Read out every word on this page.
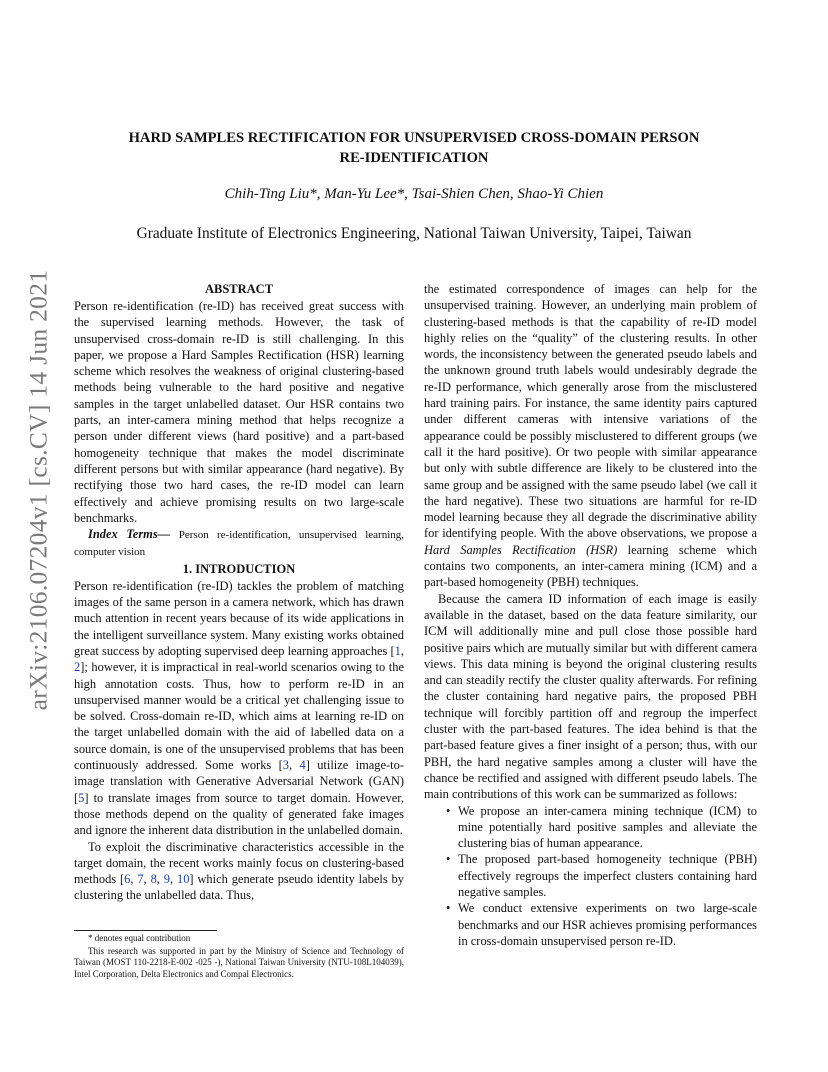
arXiv:2106.07204v1 [cs.CV] 14 Jun 2021
HARD SAMPLES RECTIFICATION FOR UNSUPERVISED CROSS-DOMAIN PERSON
RE-IDENTIFICATION

Chih-Ting Liu*, Man-Yu Lee*, Tsai-Shien Chen, Shao-Yi Chien

Graduate Institute of Electronics Engineering, National Taiwan University, Taipei, Taiwan

ABSTRACT

Person re-identification (re-ID) has received great success with the supervised learning methods. However, the task of unsupervised cross-domain re-ID is still challenging. In this paper, we propose a Hard Samples Rectification (HSR) learning scheme which resolves the weakness of original clustering-based methods being vulnerable to the hard positive and negative samples in the target unlabelled dataset. Our HSR contains two parts, an inter-camera mining method that helps recognize a person under different views (hard positive) and a part-based homogeneity technique that makes the model discriminate different persons but with similar appearance (hard negative). By rectifying those two hard cases, the re-ID model can learn effectively and achieve promising results on two large-scale benchmarks.

Index Terms— Person re-identification, unsupervised learning, computer vision

1. INTRODUCTION

Person re-identification (re-ID) tackles the problem of matching images of the same person in a camera network, which has drawn much attention in recent years because of its wide applications in the intelligent surveillance system. Many existing works obtained great success by adopting supervised deep learning approaches [1, 2]; however, it is impractical in real-world scenarios owing to the high annotation costs. Thus, how to perform re-ID in an unsupervised manner would be a critical yet challenging issue to be solved. Cross-domain re-ID, which aims at learning re-ID on the target unlabelled domain with the aid of labelled data on a source domain, is one of the unsupervised problems that has been continuously addressed. Some works [3, 4] utilize image-to-image translation with Generative Adversarial Network (GAN) [5] to translate images from source to target domain. However, those methods depend on the quality of generated fake images and ignore the inherent data distribution in the unlabelled domain.

To exploit the discriminative characteristics accessible in the target domain, the recent works mainly focus on clustering-based methods [6, 7, 8, 9, 10] which generate pseudo identity labels by clustering the unlabelled data. Thus,

* denotes equal contribution

This research was supported in part by the Ministry of Science and Technology of Taiwan (MOST 110-2218-E-002 -025 -), National Taiwan University (NTU-108L104039), Intel Corporation, Delta Electronics and Compal Electronics.

the estimated correspondence of images can help for the unsupervised training. However, an underlying main problem of clustering-based methods is that the capability of re-ID model highly relies on the “quality” of the clustering results. In other words, the inconsistency between the generated pseudo labels and the unknown ground truth labels would undesirably degrade the re-ID performance, which generally arose from the misclustered hard training pairs. For instance, the same identity pairs captured under different cameras with intensive variations of the appearance could be possibly misclustered to different groups (we call it the hard positive). Or two people with similar appearance but only with subtle difference are likely to be clustered into the same group and be assigned with the same pseudo label (we call it the hard negative). These two situations are harmful for re-ID model learning because they all degrade the discriminative ability for identifying people. With the above observations, we propose a Hard Samples Rectification (HSR) learning scheme which contains two components, an inter-camera mining (ICM) and a part-based homogeneity (PBH) techniques.

Because the camera ID information of each image is easily available in the dataset, based on the data feature similarity, our ICM will additionally mine and pull close those possible hard positive pairs which are mutually similar but with different camera views. This data mining is beyond the original clustering results and can steadily rectify the cluster quality afterwards. For refining the cluster containing hard negative pairs, the proposed PBH technique will forcibly partition off and regroup the imperfect cluster with the part-based features. The idea behind is that the part-based feature gives a finer insight of a person; thus, with our PBH, the hard negative samples among a cluster will have the chance be rectified and assigned with different pseudo labels. The main contributions of this work can be summarized as follows:

• We propose an inter-camera mining technique (ICM) to mine potentially hard positive samples and alleviate the clustering bias of human appearance.
• The proposed part-based homogeneity technique (PBH) effectively regroups the imperfect clusters containing hard negative samples.
• We conduct extensive experiments on two large-scale benchmarks and our HSR achieves promising performances in cross-domain unsupervised person re-ID.
